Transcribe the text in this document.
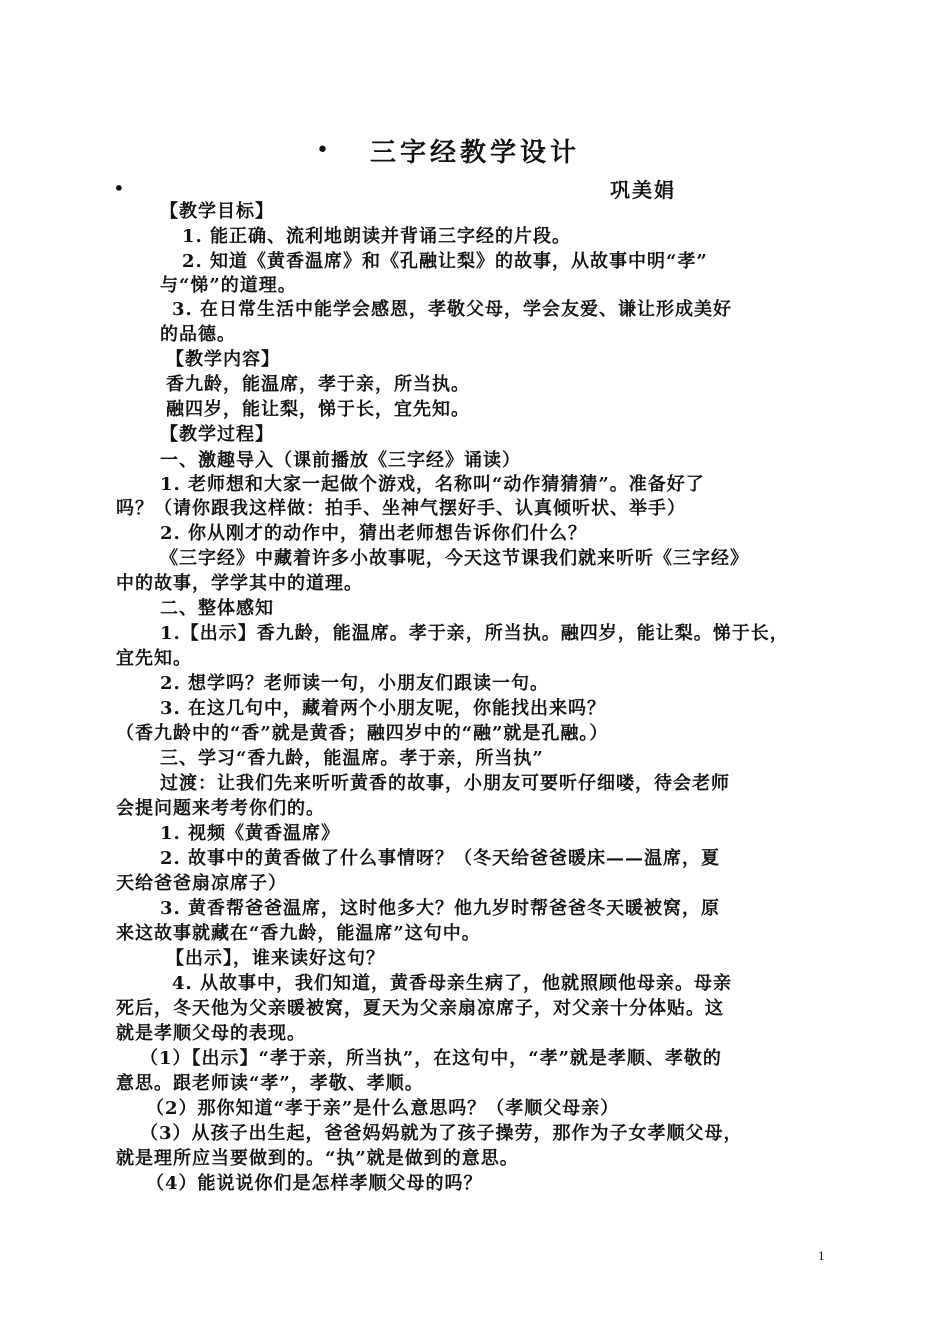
•	三字经教学设计
•	巩美娟
【教学目标】
1. 能正确、流利地朗读并背诵三字经的片段。
2. 知道《黄香温席》和《孔融让梨》的故事，从故事中明“孝”
与“悌”的道理。
3. 在日常生活中能学会感恩，孝敬父母，学会友爱、谦让形成美好
的品德。
【教学内容】
香九龄，能温席，孝于亲，所当执。
融四岁，能让梨，悌于长，宜先知。
【教学过程】
一、激趣导入（课前播放《三字经》诵读）
1. 老师想和大家一起做个游戏，名称叫“动作猜猜猜”。准备好了
吗？（请你跟我这样做：拍手、坐神气摆好手、认真倾听状、举手）
2. 你从刚才的动作中，猜出老师想告诉你们什么？
《三字经》中藏着许多小故事呢，今天这节课我们就来听听《三字经》
中的故事，学学其中的道理。
二、整体感知
1.【出示】香九龄，能温席。孝于亲，所当执。融四岁，能让梨。悌于长，
宜先知。
2. 想学吗？老师读一句，小朋友们跟读一句。
3. 在这几句中，藏着两个小朋友呢，你能找出来吗？
（香九龄中的“香”就是黄香；融四岁中的“融”就是孔融。）
三、学习“香九龄，能温席。孝于亲，所当执”
过渡：让我们先来听听黄香的故事，小朋友可要听仔细喽，待会老师
会提问题来考考你们的。
1. 视频《黄香温席》
2. 故事中的黄香做了什么事情呀？（冬天给爸爸暖床——温席，夏
天给爸爸扇凉席子）
3. 黄香帮爸爸温席，这时他多大？他九岁时帮爸爸冬天暖被窝，原
来这故事就藏在“香九龄，能温席”这句中。
【出示】，谁来读好这句？
4. 从故事中，我们知道，黄香母亲生病了，他就照顾他母亲。母亲
死后，冬天他为父亲暖被窝，夏天为父亲扇凉席子，对父亲十分体贴。这
就是孝顺父母的表现。
（1）【出示】“孝于亲，所当执”，在这句中，“孝”就是孝顺、孝敬的
意思。跟老师读“孝”，孝敬、孝顺。
（2）那你知道“孝于亲”是什么意思吗？（孝顺父母亲）
（3）从孩子出生起，爸爸妈妈就为了孩子操劳，那作为子女孝顺父母，
就是理所应当要做到的。“执”就是做到的意思。
（4）能说说你们是怎样孝顺父母的吗？
1
